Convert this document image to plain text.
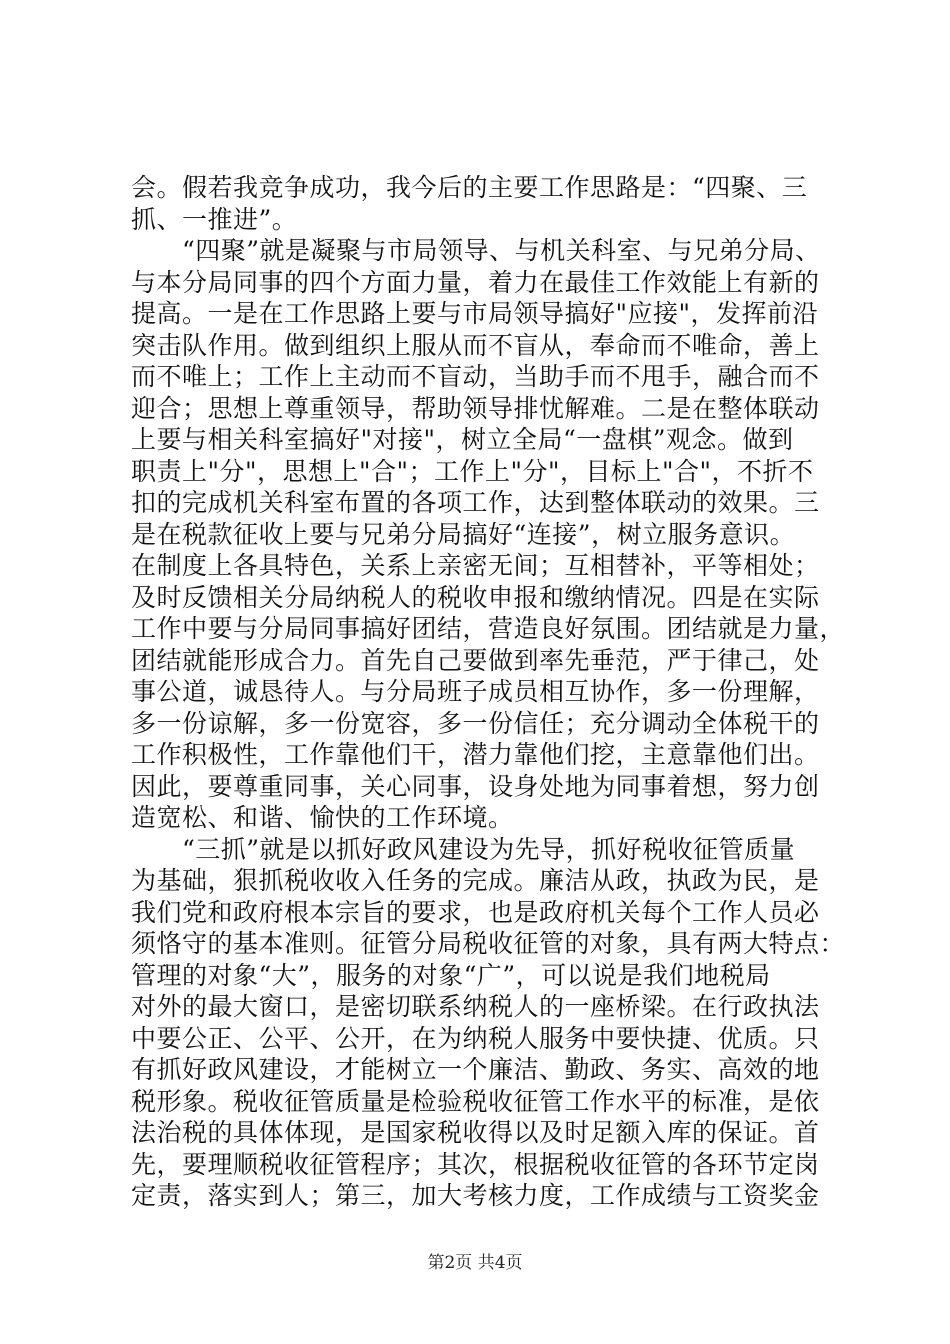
会。假若我竞争成功，我今后的主要工作思路是：“四聚、三
抓、一推进”。
　　“四聚”就是凝聚与市局领导、与机关科室、与兄弟分局、
与本分局同事的四个方面力量，着力在最佳工作效能上有新的
提高。一是在工作思路上要与市局领导搞好"应接"，发挥前沿
突击队作用。做到组织上服从而不盲从，奉命而不唯命，善上
而不唯上；工作上主动而不盲动，当助手而不甩手，融合而不
迎合；思想上尊重领导，帮助领导排忧解难。二是在整体联动
上要与相关科室搞好"对接"，树立全局“一盘棋”观念。做到
职责上"分"，思想上"合"；工作上"分"，目标上"合"，不折不
扣的完成机关科室布置的各项工作，达到整体联动的效果。三
是在税款征收上要与兄弟分局搞好“连接”，树立服务意识。
在制度上各具特色，关系上亲密无间；互相替补，平等相处；
及时反馈相关分局纳税人的税收申报和缴纳情况。四是在实际
工作中要与分局同事搞好团结，营造良好氛围。团结就是力量，
团结就能形成合力。首先自己要做到率先垂范，严于律己，处
事公道，诚恳待人。与分局班子成员相互协作，多一份理解，
多一份谅解，多一份宽容，多一份信任；充分调动全体税干的
工作积极性，工作靠他们干，潜力靠他们挖，主意靠他们出。
因此，要尊重同事，关心同事，设身处地为同事着想，努力创
造宽松、和谐、愉快的工作环境。
　　“三抓”就是以抓好政风建设为先导，抓好税收征管质量
为基础，狠抓税收收入任务的完成。廉洁从政，执政为民，是
我们党和政府根本宗旨的要求，也是政府机关每个工作人员必
须恪守的基本准则。征管分局税收征管的对象，具有两大特点：
管理的对象“大”，服务的对象“广”，可以说是我们地税局
对外的最大窗口，是密切联系纳税人的一座桥梁。在行政执法
中要公正、公平、公开，在为纳税人服务中要快捷、优质。只
有抓好政风建设，才能树立一个廉洁、勤政、务实、高效的地
税形象。税收征管质量是检验税收征管工作水平的标准，是依
法治税的具体体现，是国家税收得以及时足额入库的保证。首
先，要理顺税收征管程序；其次，根据税收征管的各环节定岗
定责，落实到人；第三，加大考核力度，工作成绩与工资奖金
第2页 共4页
